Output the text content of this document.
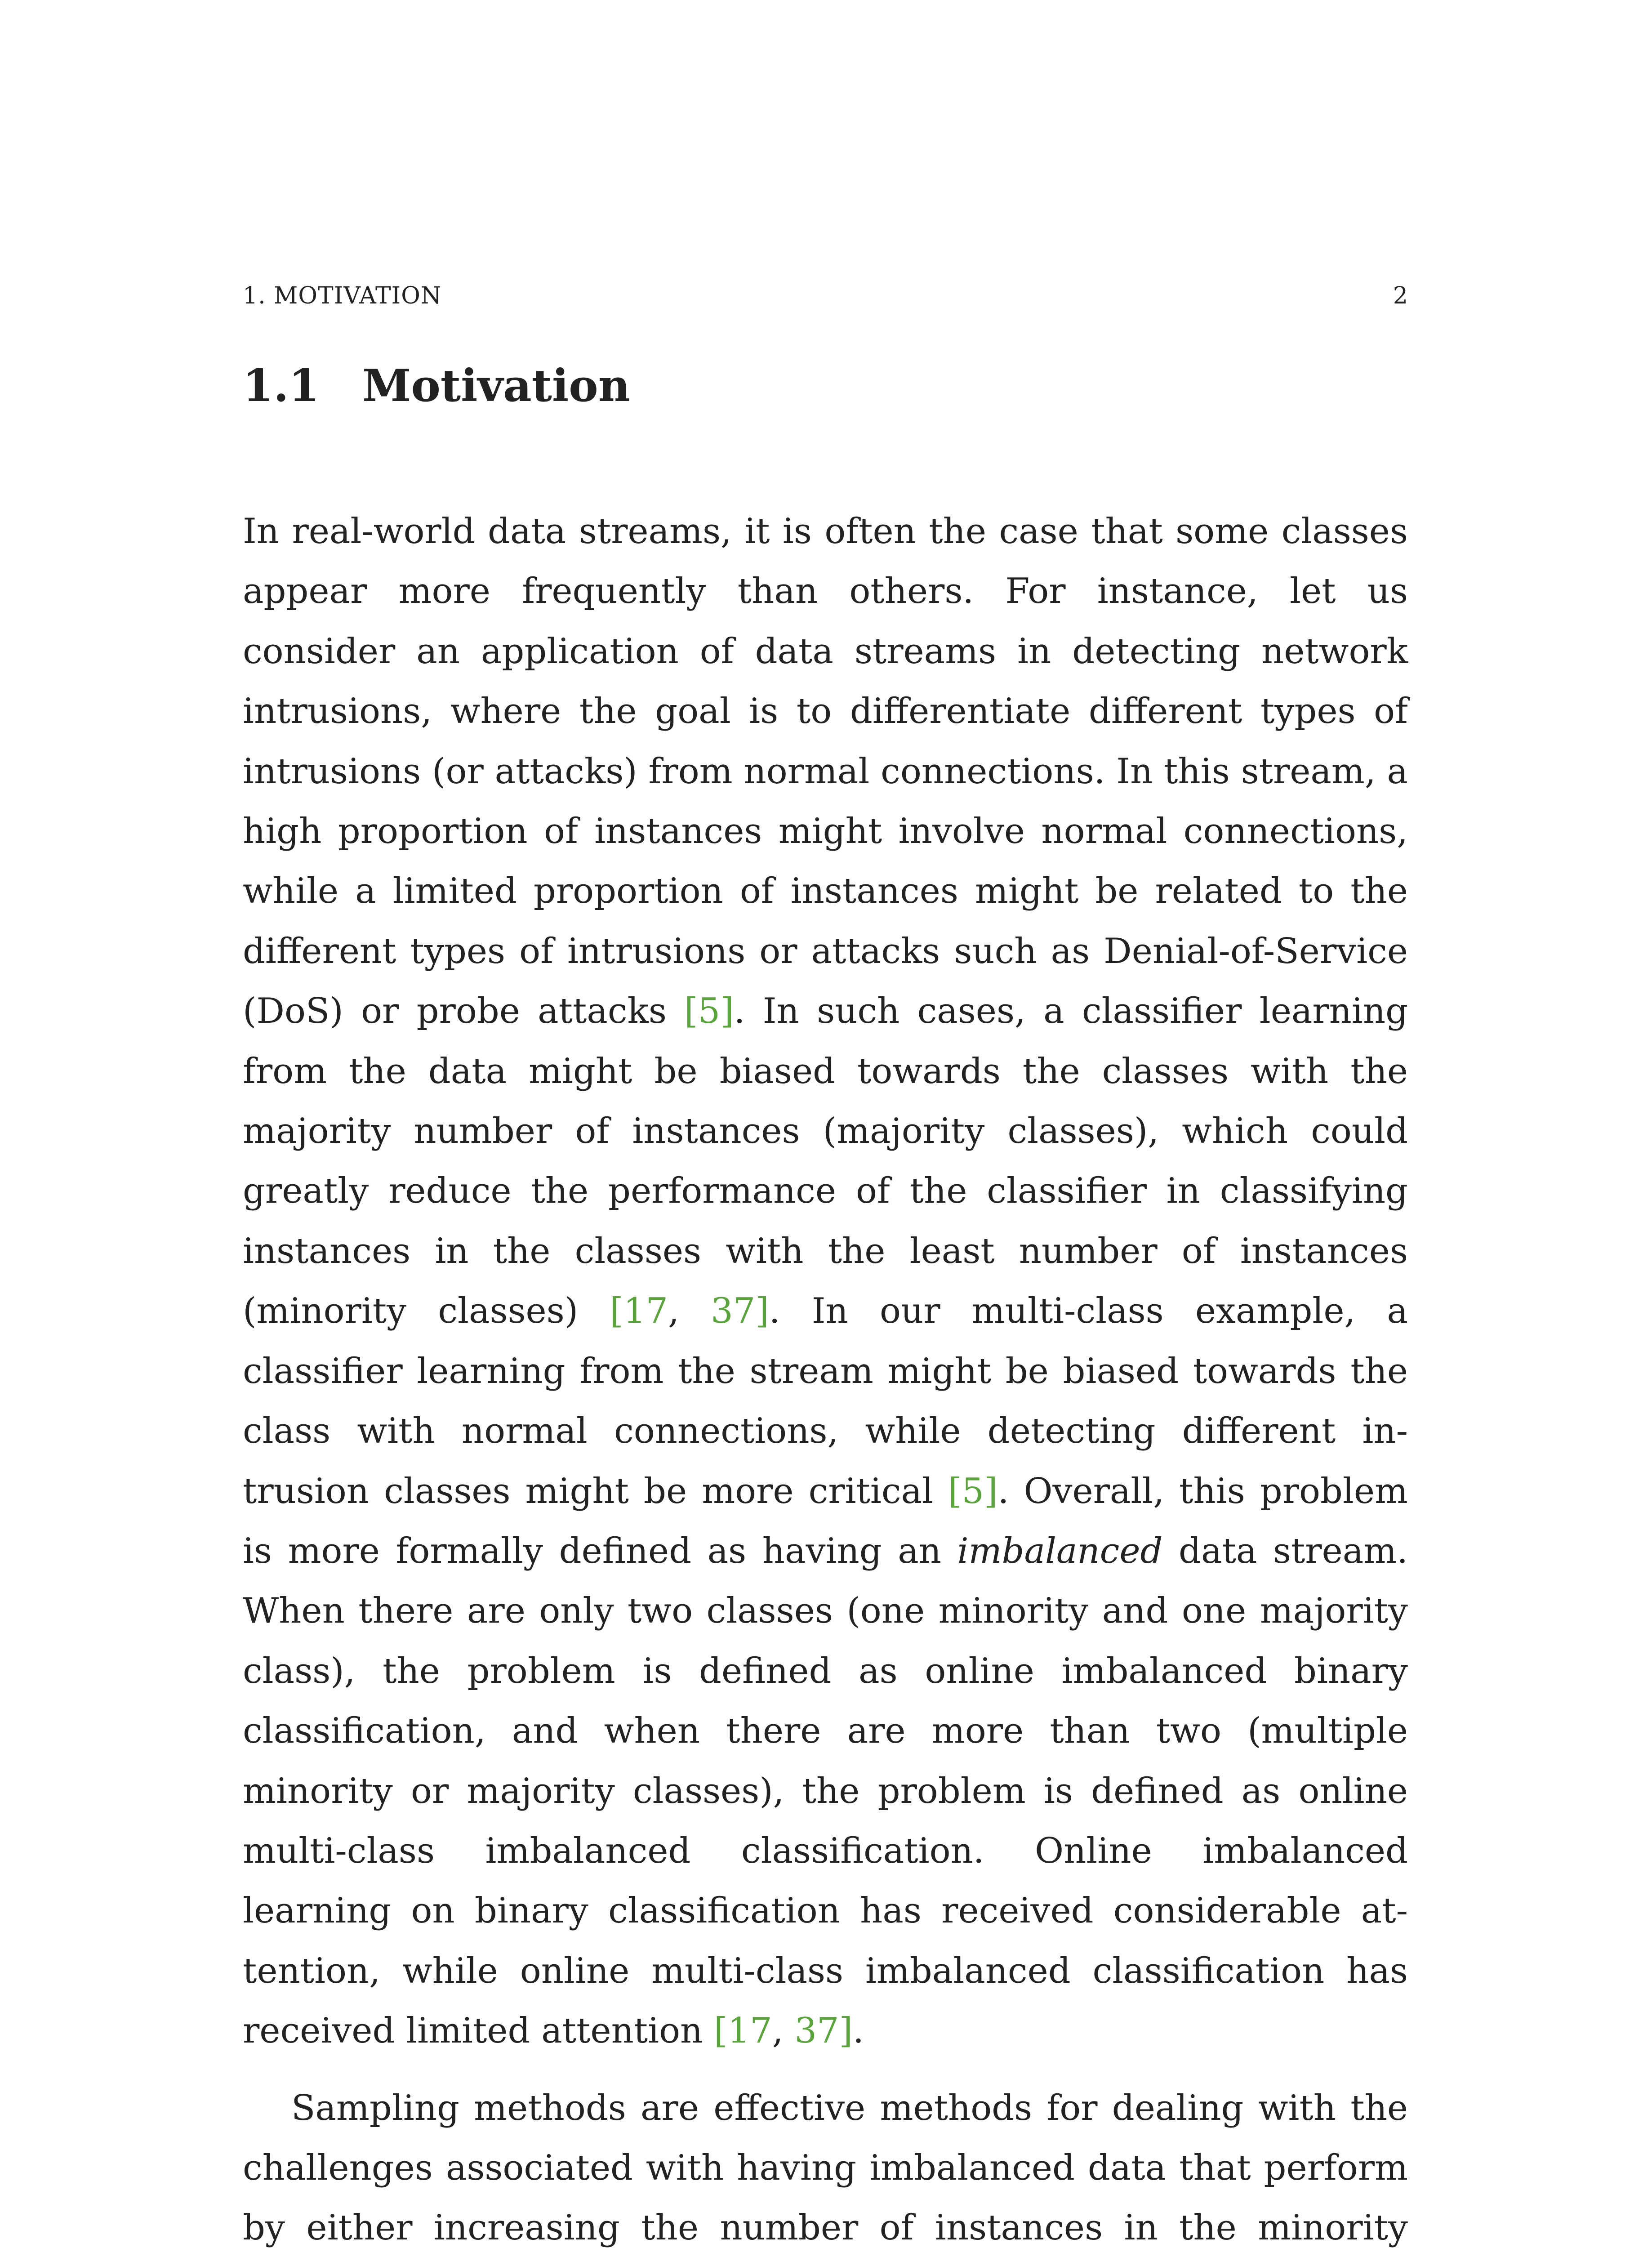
1. MOTIVATION	2
1.1 Motivation

In real-world data streams, it is often the case that some classes appear more frequently than others. For instance, let us consider an application of data streams in detecting network intrusions, where the goal is to differentiate different types of intrusions (or attacks) from normal connections. In this stream, a high proportion of instances might involve normal connections, while a limited proportion of instances might be related to the different types of intrusions or attacks such as Denial-of-Service (DoS) or probe attacks [5]. In such cases, a classifier learning from the data might be biased towards the classes with the majority number of instances (majority classes), which could greatly reduce the performance of the classifier in classifying instances in the classes with the least number of instances (minority classes) [17, 37]. In our multi-class example, a classifier learning from the stream might be biased towards the class with normal connections, while detecting different intrusion classes might be more critical [5]. Overall, this problem is more formally defined as having an imbalanced data stream. When there are only two classes (one minority and one majority class), the problem is defined as online imbalanced binary classification, and when there are more than two (multiple minority or majority classes), the problem is defined as online multi-class imbalanced classification. Online imbalanced learning on binary classification has received considerable attention, while online multi-class imbalanced classification has received limited attention [17, 37].

Sampling methods are effective methods for dealing with the challenges associated with having imbalanced data that perform by either increasing the number of instances in the minority
